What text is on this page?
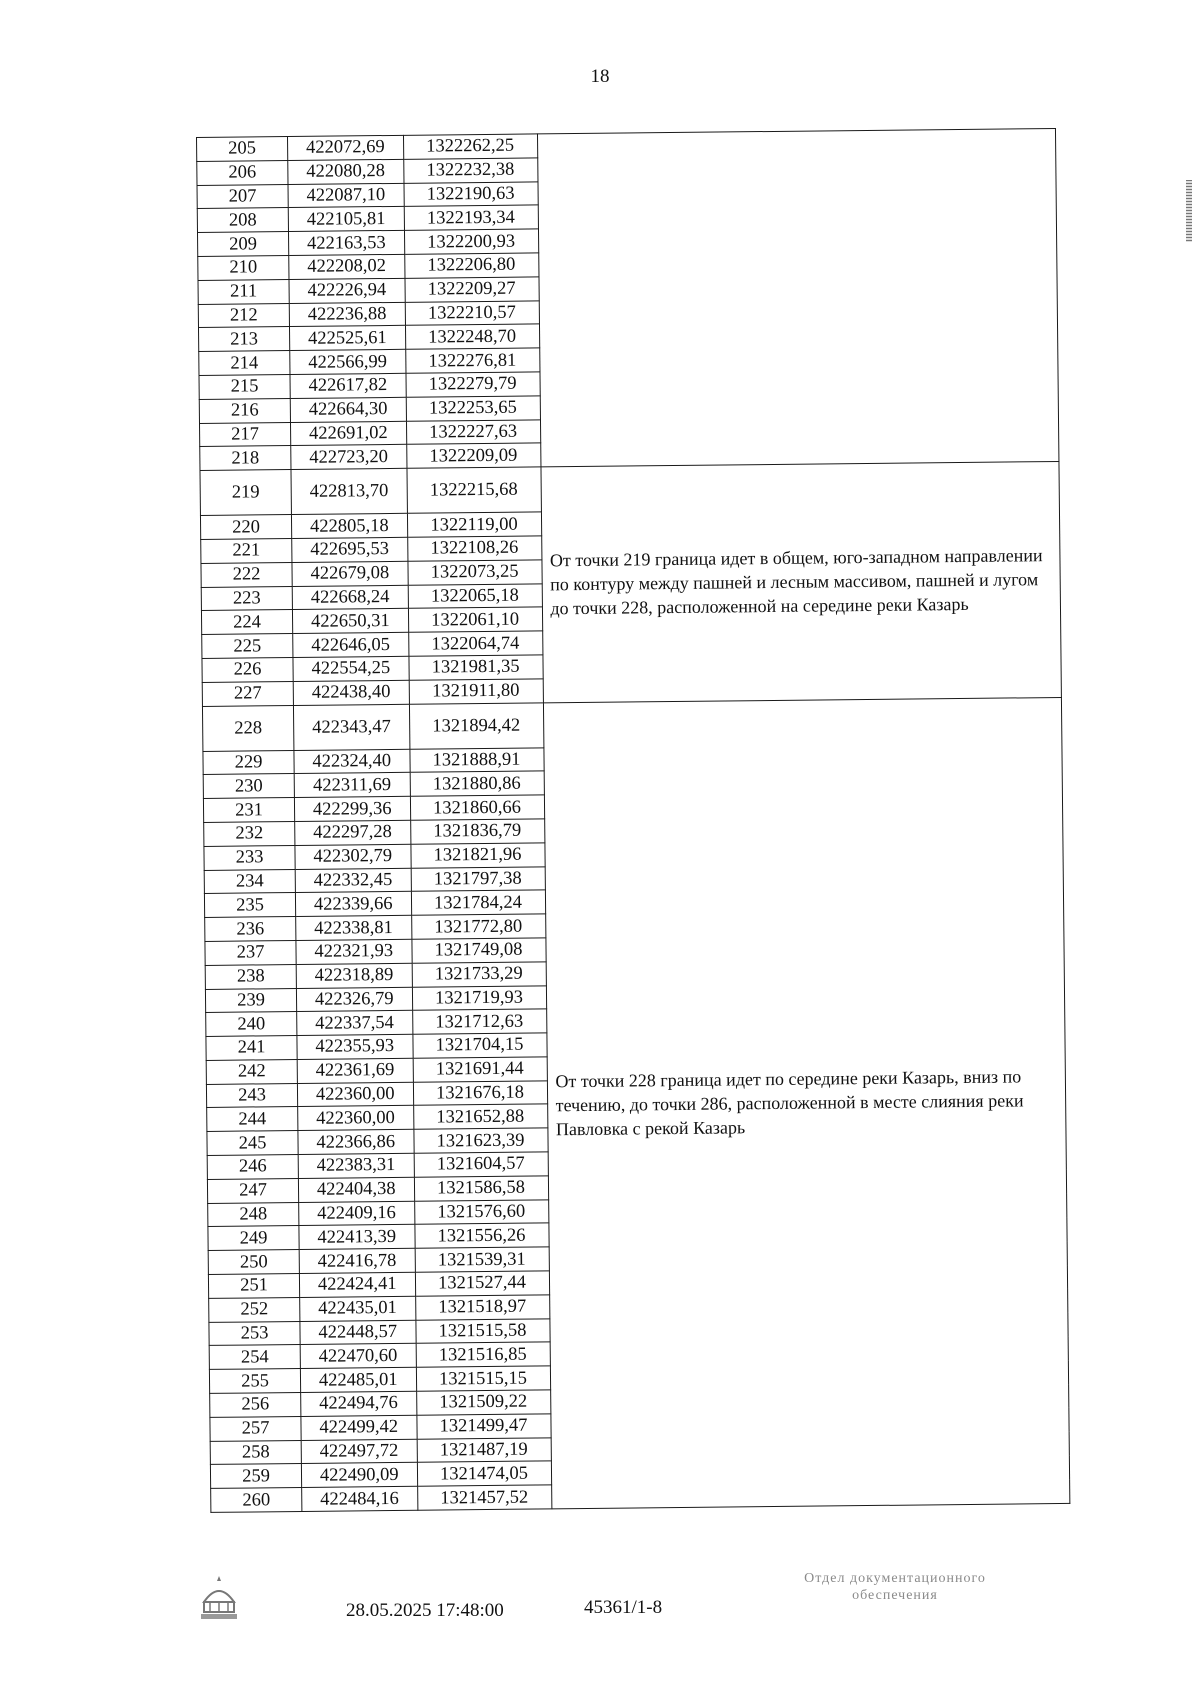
18
205	422072,69	1322262,25	
206	422080,28	1322232,38	
207	422087,10	1322190,63	
208	422105,81	1322193,34	
209	422163,53	1322200,93	
210	422208,02	1322206,80	
211	422226,94	1322209,27	
212	422236,88	1322210,57	
213	422525,61	1322248,70	
214	422566,99	1322276,81	
215	422617,82	1322279,79	
216	422664,30	1322253,65	
217	422691,02	1322227,63	
218	422723,20	1322209,09	
219	422813,70	1322215,68	От точки 219 граница идет в общем, юго-западном направлении по контуру между пашней и лесным массивом, пашней и лугом до точки 228, расположенной на середине реки Казарь
220	422805,18	1322119,00	
221	422695,53	1322108,26	
222	422679,08	1322073,25	
223	422668,24	1322065,18	
224	422650,31	1322061,10	
225	422646,05	1322064,74	
226	422554,25	1321981,35	
227	422438,40	1321911,80	
228	422343,47	1321894,42	От точки 228 граница идет по середине реки Казарь, вниз по течению, до точки 286, расположенной в месте слияния реки Павловка с рекой Казарь
229	422324,40	1321888,91	
230	422311,69	1321880,86	
231	422299,36	1321860,66	
232	422297,28	1321836,79	
233	422302,79	1321821,96	
234	422332,45	1321797,38	
235	422339,66	1321784,24	
236	422338,81	1321772,80	
237	422321,93	1321749,08	
238	422318,89	1321733,29	
239	422326,79	1321719,93	
240	422337,54	1321712,63	
241	422355,93	1321704,15	
242	422361,69	1321691,44	
243	422360,00	1321676,18	
244	422360,00	1321652,88	
245	422366,86	1321623,39	
246	422383,31	1321604,57	
247	422404,38	1321586,58	
248	422409,16	1321576,60	
249	422413,39	1321556,26	
250	422416,78	1321539,31	
251	422424,41	1321527,44	
252	422435,01	1321518,97	
253	422448,57	1321515,58	
254	422470,60	1321516,85	
255	422485,01	1321515,15	
256	422494,76	1321509,22	
257	422499,42	1321499,47	
258	422497,72	1321487,19	
259	422490,09	1321474,05	
260	422484,16	1321457,52	
28.05.2025 17:48:00	45361/1-8
Отдел документационного
обеспечения
